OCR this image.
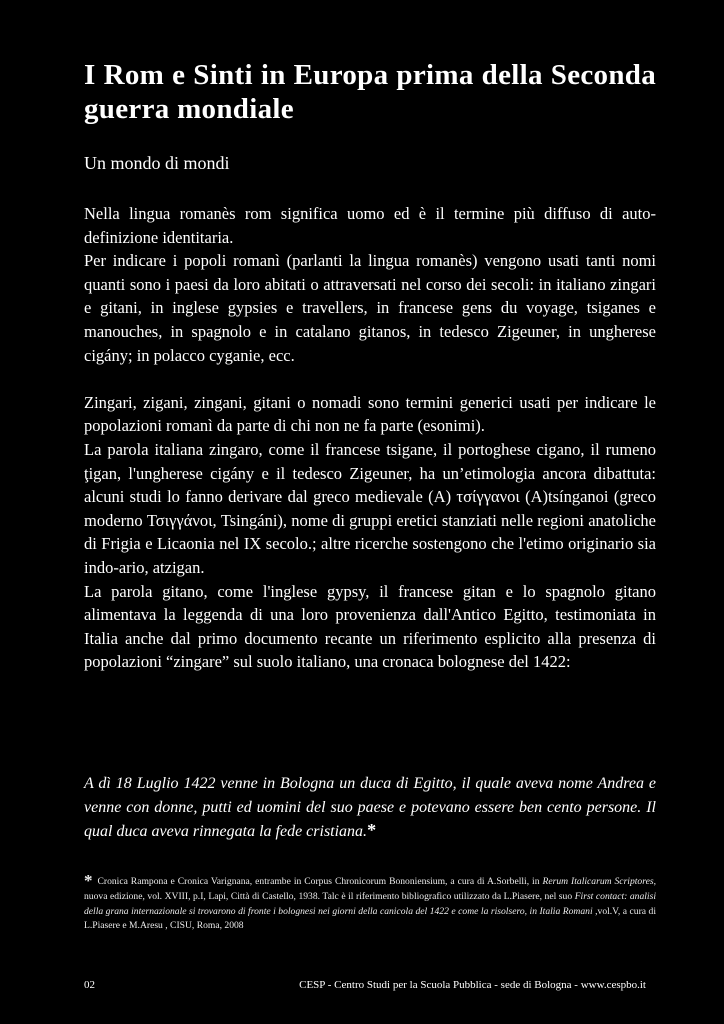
I Rom e Sinti in Europa prima della Seconda guerra mondiale
Un mondo di mondi

Nella lingua romanès rom significa uomo ed è il termine più diffuso di auto-definizione identitaria.

Per indicare i popoli romanì (parlanti la lingua romanès) vengono usati tanti nomi quanti sono i paesi da loro abitati o attraversati nel corso dei secoli: in italiano zingari e gitani, in inglese gypsies e travellers, in francese gens du voyage, tsiganes e manouches, in spagnolo e in catalano gitanos, in tedesco Zigeuner, in ungherese cigány; in polacco cyganie, ecc.

Zingari, zigani, zingani, gitani o nomadi sono termini generici usati per indicare le popolazioni romanì da parte di chi non ne fa parte (esonimi).

La parola italiana zingaro, come il francese tsigane, il portoghese cigano, il rumeno ţigan, l'ungherese cigány e il tedesco Zigeuner, ha un’etimologia ancora dibattuta: alcuni studi lo fanno derivare dal greco medievale (A) τσίγγανοι (A)tsínganoi (greco moderno Τσιγγάνοι, Tsingáni), nome di gruppi eretici stanziati nelle regioni anatoliche di Frigia e Licaonia nel IX secolo.; altre ricerche sostengono che l'etimo originario sia indo-ario, atzigan.

La parola gitano, come l'inglese gypsy, il francese gitan e lo spagnolo gitano alimentava la leggenda di una loro provenienza dall'Antico Egitto, testimoniata in Italia anche dal primo documento recante un riferimento esplicito alla presenza di popolazioni “zingare” sul suolo italiano, una cronaca bolognese del 1422:

A dì 18 Luglio 1422 venne in Bologna un duca di Egitto, il quale aveva nome Andrea e venne con donne, putti ed uomini del suo paese e potevano essere ben cento persone. Il qual duca aveva rinnegata la fede cristiana.*

* Cronica Rampona e Cronica Varignana, entrambe in Corpus Chronicorum Bononiensium, a cura di A.Sorbelli, in Rerum Italicarum Scriptores, nuova edizione, vol. XVIII, p.I, Lapi, Città di Castello, 1938. Talc è il riferimento bibliografico utilizzato da L.Piasere, nel suo First contact: analisi della grana internazionale si trovarono di fronte i bolognesi nei giorni della canicola del 1422 e come la risolsero, in Italia Romani ,vol.V, a cura di L.Piasere e M.Aresu , CISU, Roma, 2008
02	CESP - Centro Studi per la Scuola Pubblica - sede di Bologna - www.cespbo.it
